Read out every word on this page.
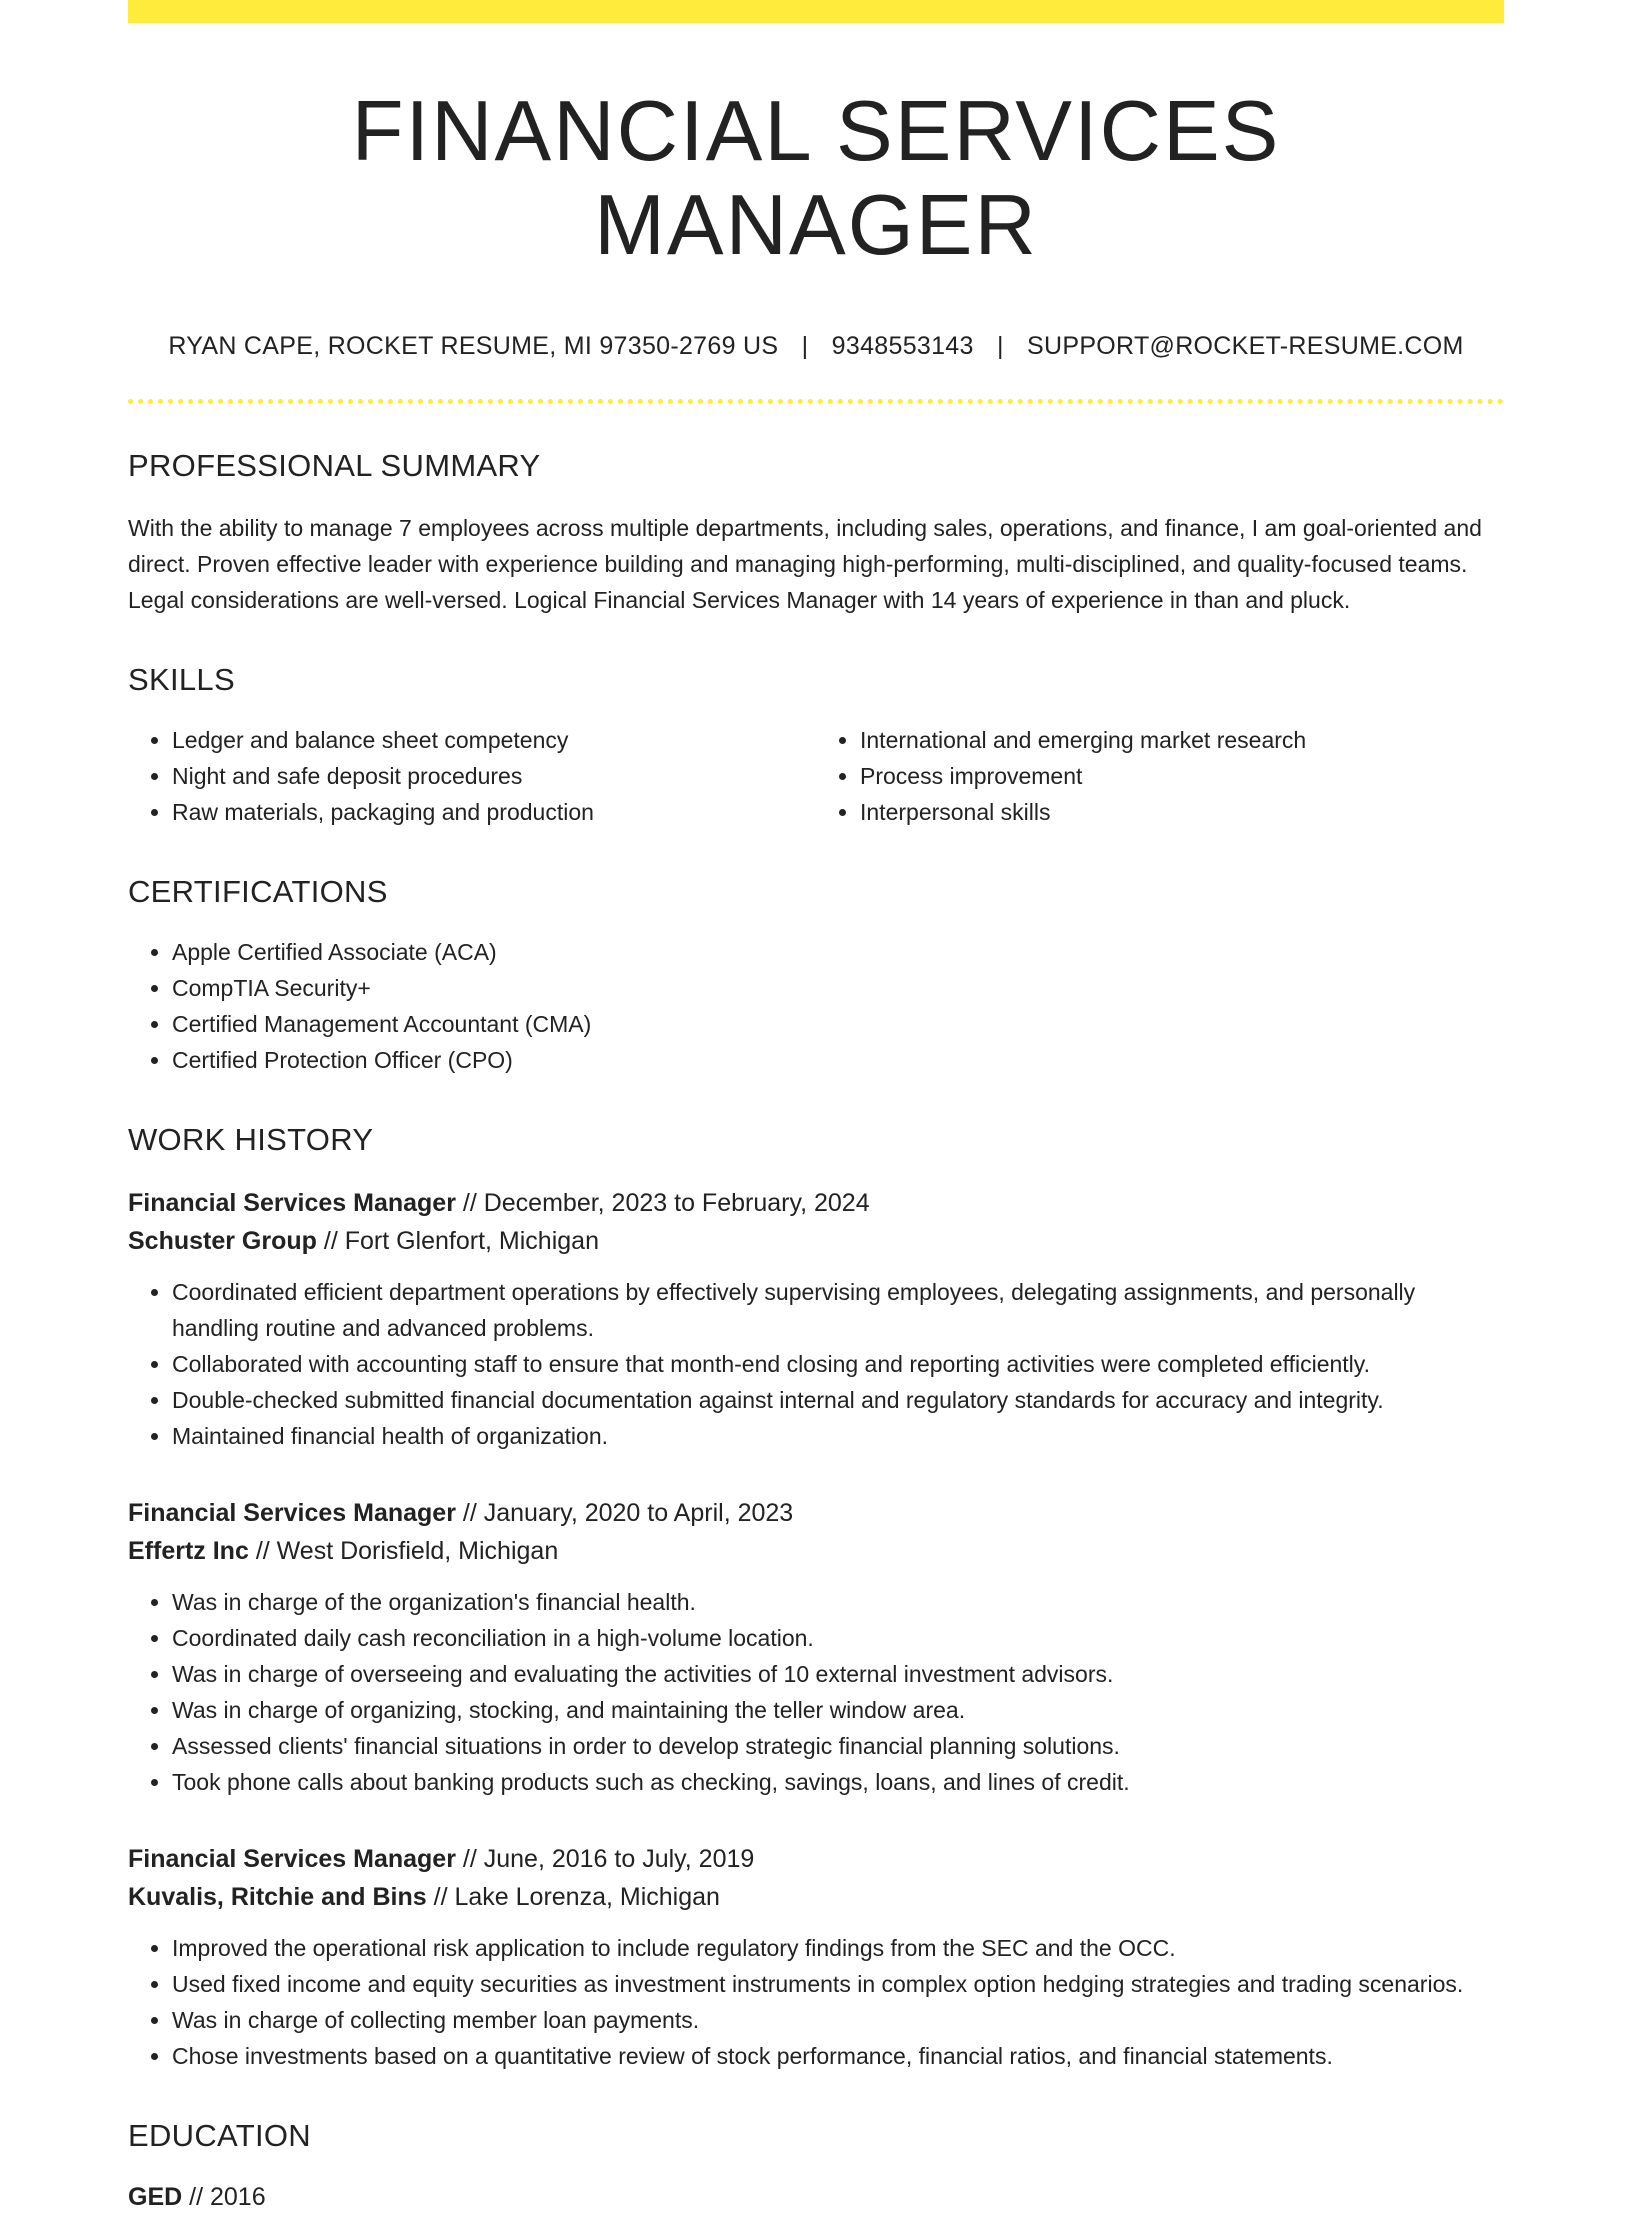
FINANCIAL SERVICES MANAGER
RYAN CAPE, ROCKET RESUME, MI 97350-2769 US | 9348553143 | SUPPORT@ROCKET-RESUME.COM
PROFESSIONAL SUMMARY

With the ability to manage 7 employees across multiple departments, including sales, operations, and finance, I am goal-oriented and direct. Proven effective leader with experience building and managing high-performing, multi-disciplined, and quality-focused teams. Legal considerations are well-versed. Logical Financial Services Manager with 14 years of experience in than and pluck.

SKILLS
• Ledger and balance sheet competency
• Night and safe deposit procedures
• Raw materials, packaging and production
• International and emerging market research
• Process improvement
• Interpersonal skills
CERTIFICATIONS
• Apple Certified Associate (ACA)
• CompTIA Security+
• Certified Management Accountant (CMA)
• Certified Protection Officer (CPO)
WORK HISTORY
Financial Services Manager // December, 2023 to February, 2024
Schuster Group // Fort Glenfort, Michigan
• Coordinated efficient department operations by effectively supervising employees, delegating assignments, and personally handling routine and advanced problems.
• Collaborated with accounting staff to ensure that month-end closing and reporting activities were completed efficiently.
• Double-checked submitted financial documentation against internal and regulatory standards for accuracy and integrity.
• Maintained financial health of organization.
Financial Services Manager // January, 2020 to April, 2023
Effertz Inc // West Dorisfield, Michigan
• Was in charge of the organization's financial health.
• Coordinated daily cash reconciliation in a high-volume location.
• Was in charge of overseeing and evaluating the activities of 10 external investment advisors.
• Was in charge of organizing, stocking, and maintaining the teller window area.
• Assessed clients' financial situations in order to develop strategic financial planning solutions.
• Took phone calls about banking products such as checking, savings, loans, and lines of credit.
Financial Services Manager // June, 2016 to July, 2019
Kuvalis, Ritchie and Bins // Lake Lorenza, Michigan
• Improved the operational risk application to include regulatory findings from the SEC and the OCC.
• Used fixed income and equity securities as investment instruments in complex option hedging strategies and trading scenarios.
• Was in charge of collecting member loan payments.
• Chose investments based on a quantitative review of stock performance, financial ratios, and financial statements.
EDUCATION
GED // 2016
